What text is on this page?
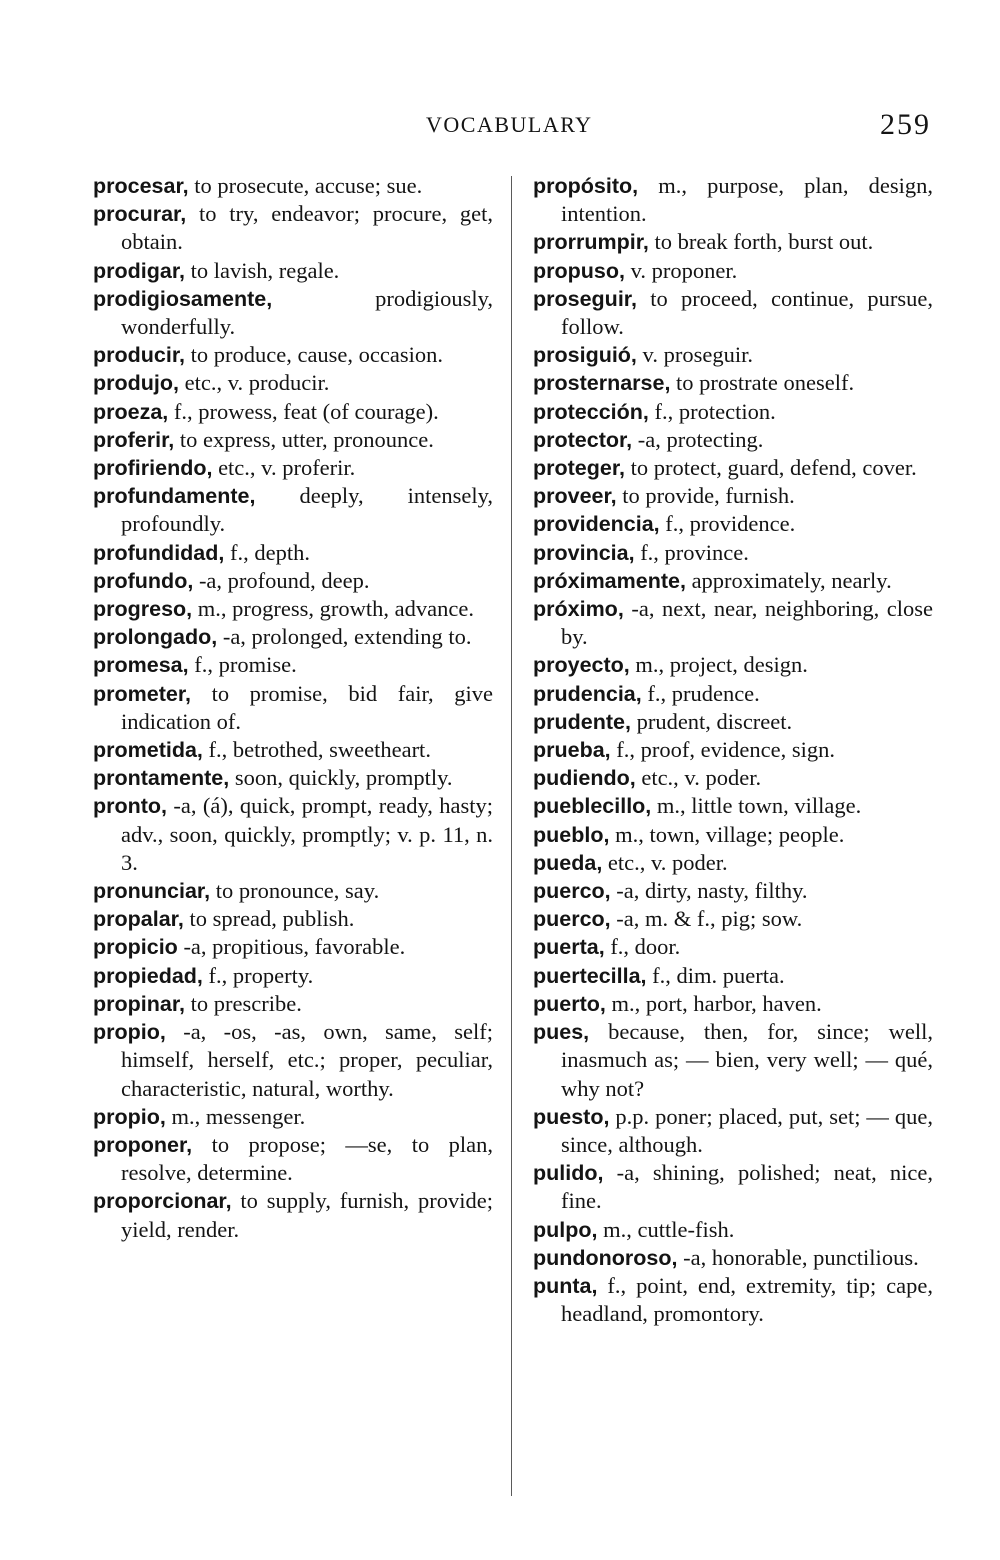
VOCABULARY	259

procesar, to prosecute, accuse; sue.

procurar, to try, endeavor; procure, get, obtain.

prodigar, to lavish, regale.

prodigiosamente, prodigiously, wonderfully.

producir, to produce, cause, occasion.

produjo, etc., v. producir.

proeza, f., prowess, feat (of courage).

proferir, to express, utter, pronounce.

profiriendo, etc., v. proferir.

profundamente, deeply, intensely, profoundly.

profundidad, f., depth.

profundo, -a, profound, deep.

progreso, m., progress, growth, advance.

prolongado, -a, prolonged, extending to.

promesa, f., promise.

prometer, to promise, bid fair, give indication of.

prometida, f., betrothed, sweetheart.

prontamente, soon, quickly, promptly.

pronto, -a, (á), quick, prompt, ready, hasty; adv., soon, quickly, promptly; v. p. 11, n. 3.

pronunciar, to pronounce, say.

propalar, to spread, publish.

propicio -a, propitious, favorable.

propiedad, f., property.

propinar, to prescribe.

propio, -a, -os, -as, own, same, self; himself, herself, etc.; proper, peculiar, characteristic, natural, worthy.

propio, m., messenger.

proponer, to propose; —se, to plan, resolve, determine.

proporcionar, to supply, furnish, provide; yield, render.

propósito, m., purpose, plan, design, intention.

prorrumpir, to break forth, burst out.

propuso, v. proponer.

proseguir, to proceed, continue, pursue, follow.

prosiguió, v. proseguir.

prosternarse, to prostrate oneself.

protección, f., protection.

protector, -a, protecting.

proteger, to protect, guard, defend, cover.

proveer, to provide, furnish.

providencia, f., providence.

provincia, f., province.

próximamente, approximately, nearly.

próximo, -a, next, near, neighboring, close by.

proyecto, m., project, design.

prudencia, f., prudence.

prudente, prudent, discreet.

prueba, f., proof, evidence, sign.

pudiendo, etc., v. poder.

pueblecillo, m., little town, village.

pueblo, m., town, village; people.

pueda, etc., v. poder.

puerco, -a, dirty, nasty, filthy.

puerco, -a, m. & f., pig; sow.

puerta, f., door.

puertecilla, f., dim. puerta.

puerto, m., port, harbor, haven.

pues, because, then, for, since; well, inasmuch as; — bien, very well; — qué, why not?

puesto, p.p. poner; placed, put, set; — que, since, although.

pulido, -a, shining, polished; neat, nice, fine.

pulpo, m., cuttle-fish.

pundonoroso, -a, honorable, punctilious.

punta, f., point, end, extremity, tip; cape, headland, promontory.
